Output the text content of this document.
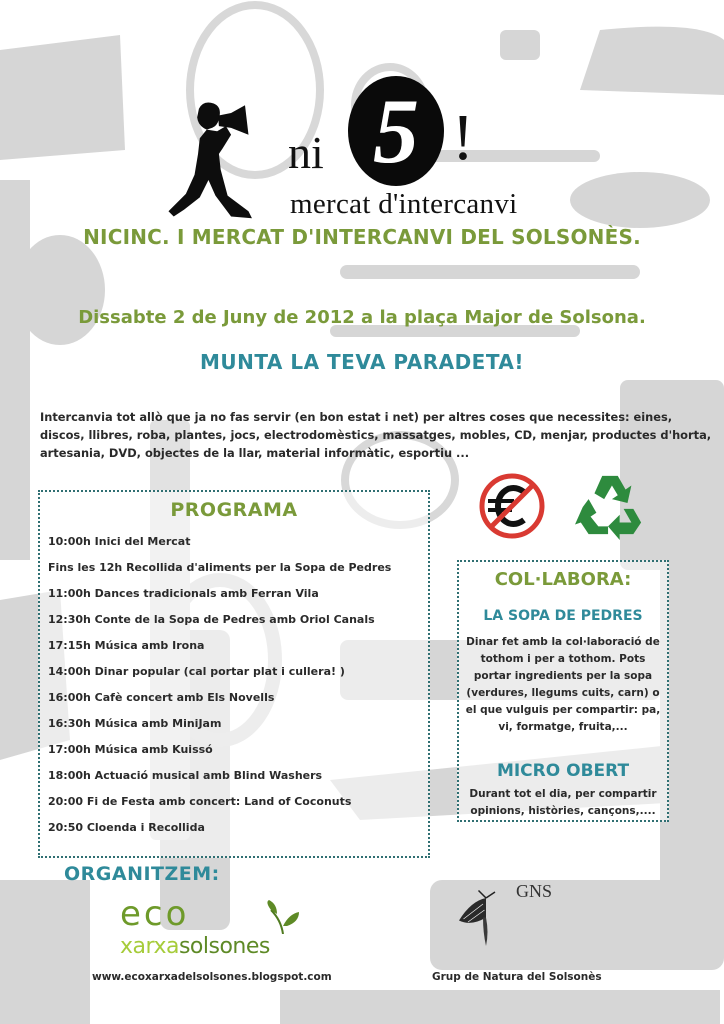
ni 5 !
mercat d'intercanvi
NICINC. I MERCAT D'INTERCANVI DEL SOLSONÈS.
Dissabte 2 de Juny de 2012 a la plaça Major de Solsona.
MUNTA LA TEVA PARADETA!
Intercanvia tot allò que ja no fas servir (en bon estat i net) per altres coses que necessites: eines, discos, llibres, roba, plantes, jocs, electrodomèstics, massatges, mobles, CD, menjar, productes d'horta, artesania, DVD, objectes de la llar, material informàtic, esportiu ...
PROGRAMA
10:00h Inici del Mercat
Fins les 12h Recollida d'aliments per la Sopa de Pedres
11:00h Dances tradicionals amb Ferran Vila
12:30h Conte de la Sopa de Pedres amb Oriol Canals
17:15h Música amb Irona
14:00h Dinar popular (cal portar plat i cullera! )
16:00h Cafè concert amb Els Novells
16:30h Música amb MiniJam
17:00h Música amb Kuissó
18:00h Actuació musical amb Blind Washers
20:00 Fi de Festa amb concert: Land of Coconuts
20:50 Cloenda i Recollida
COL·LABORA:
LA SOPA DE PEDRES
Dinar fet amb la col·laboració de tothom i per a tothom. Pots portar ingredients per la sopa (verdures, llegums cuits, carn) o el que vulguis per compartir: pa, vi, formatge, fruita,...
MICRO OBERT
Durant tot el dia, per compartir opinions, històries, cançons,....
ORGANITZEM:
eco
xarxasolsones
www.ecoxarxadelsolsones.blogspot.com
GNS
Grup de Natura del Solsonès
